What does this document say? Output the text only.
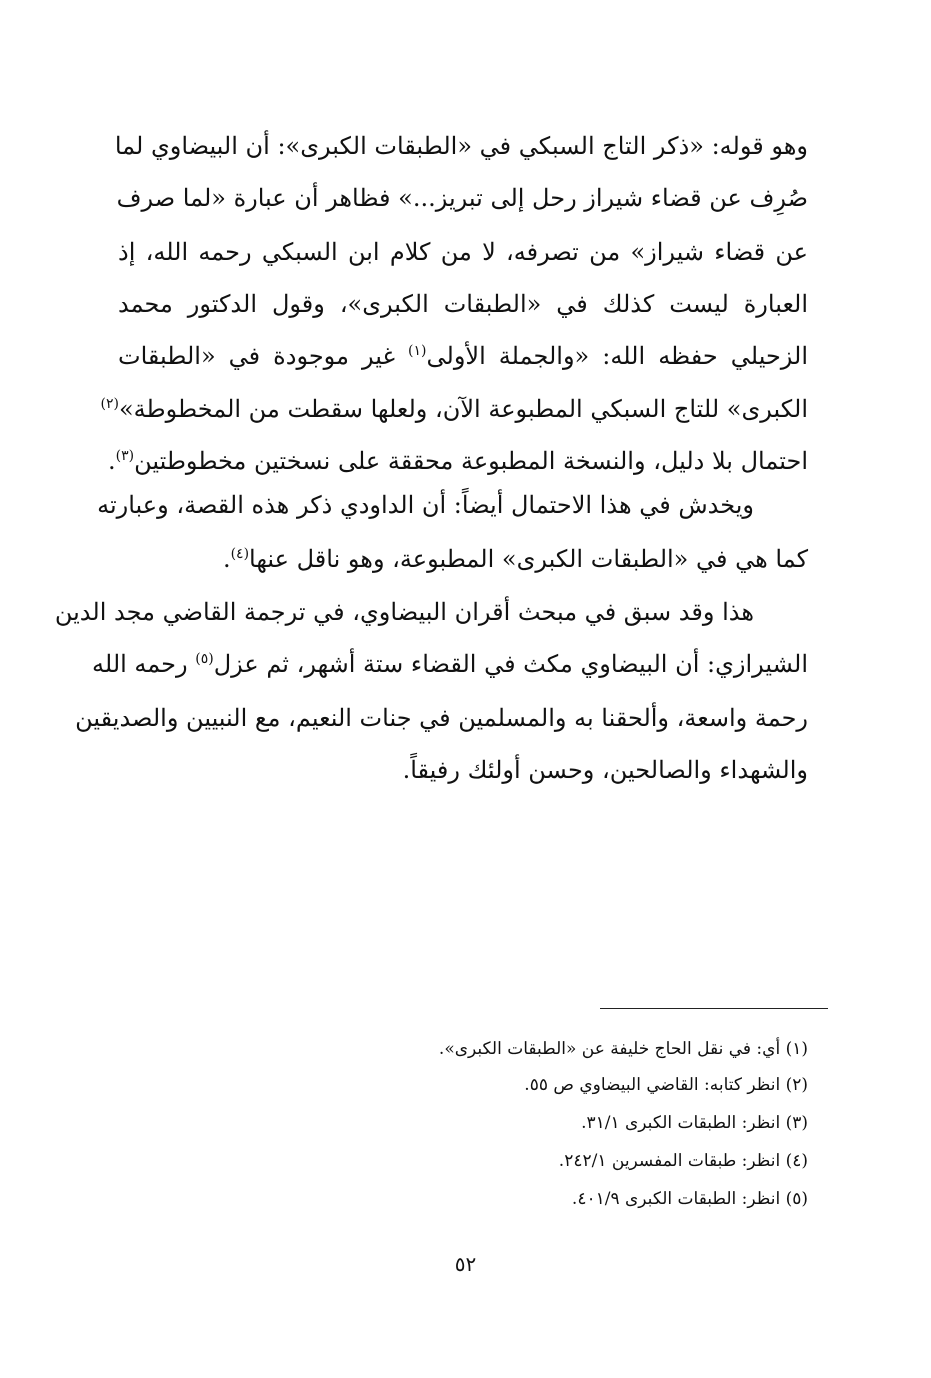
وهو قوله: «ذكر التاج السبكي في «الطبقات الكبرى»: أن البيضاوي لما
صُرِف عن قضاء شيراز رحل إلى تبريز...» فظاهر أن عبارة «لما صرف
عن قضاء شيراز» من تصرفه، لا من كلام ابن السبكي رحمه الله، إذ
العبارة ليست كذلك في «الطبقات الكبرى»، وقول الدكتور محمد
الزحيلي حفظه الله: «والجملة الأولى$^{(١)}$ غير موجودة في «الطبقات
الكبرى» للتاج السبكي المطبوعة الآن، ولعلها سقطت من المخطوطة»$^{(٢)}$
احتمال بلا دليل، والنسخة المطبوعة محققة على نسختين مخطوطتين$^{(٣)}$.
ويخدش في هذا الاحتمال أيضاً: أن الداودي ذكر هذه القصة، وعبارته
كما هي في «الطبقات الكبرى» المطبوعة، وهو ناقل عنها$^{(٤)}$.
هذا وقد سبق في مبحث أقران البيضاوي، في ترجمة القاضي مجد الدين
الشيرازي: أن البيضاوي مكث في القضاء ستة أشهر، ثم عزل$^{(٥)}$ رحمه الله
رحمة واسعة، وألحقنا به والمسلمين في جنات النعيم، مع النبيين والصديقين
والشهداء والصالحين، وحسن أولئك رفيقاً.
(١) أي: في نقل الحاج خليفة عن «الطبقات الكبرى».
(٢) انظر كتابه: القاضي البيضاوي ص ٥٥.
(٣) انظر: الطبقات الكبرى ٣١/١.
(٤) انظر: طبقات المفسرين ٢٤٢/١.
(٥) انظر: الطبقات الكبرى ٤٠١/٩.
٥٢
